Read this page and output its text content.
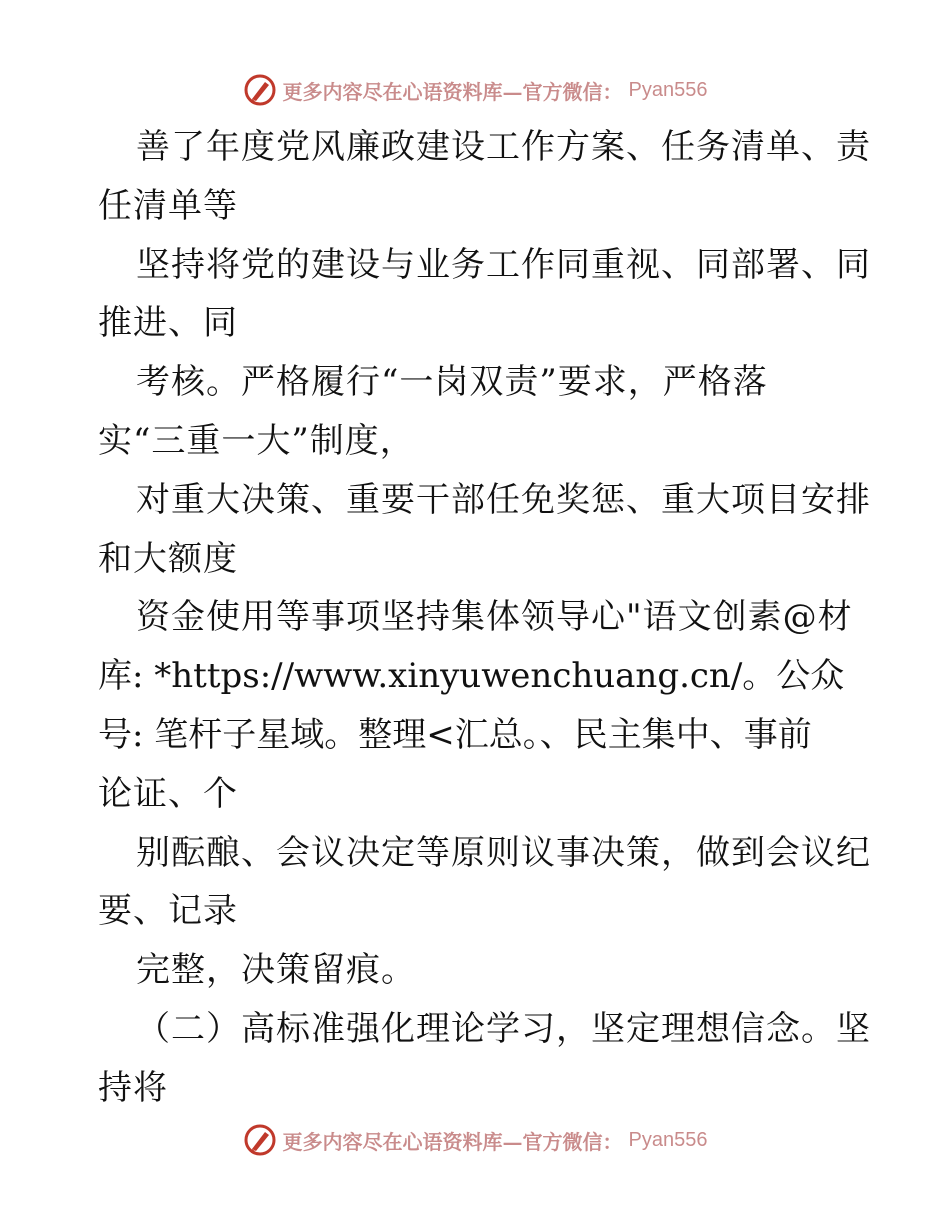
更多内容尽在心语资料库—官方微信： Pyan556
善了年度党风廉政建设工作方案、任务清单、责
任清单等
坚持将党的建设与业务工作同重视、同部署、同
推进、同
考核。严格履行“一岗双责”要求，严格落
实“三重一大”制度，
对重大决策、重要干部任免奖惩、重大项目安排
和大额度
资金使用等事项坚持集体领导心"语文创素@材
库: *https://www.xinyuwenchuang.cn/。公众
号: 笔杆子星域。整理<汇总。、民主集中、事前
论证、个
别酝酿、会议决定等原则议事决策，做到会议纪
要、记录
完整，决策留痕。
（二）高标准强化理论学习，坚定理想信念。坚
持将
更多内容尽在心语资料库—官方微信： Pyan556
